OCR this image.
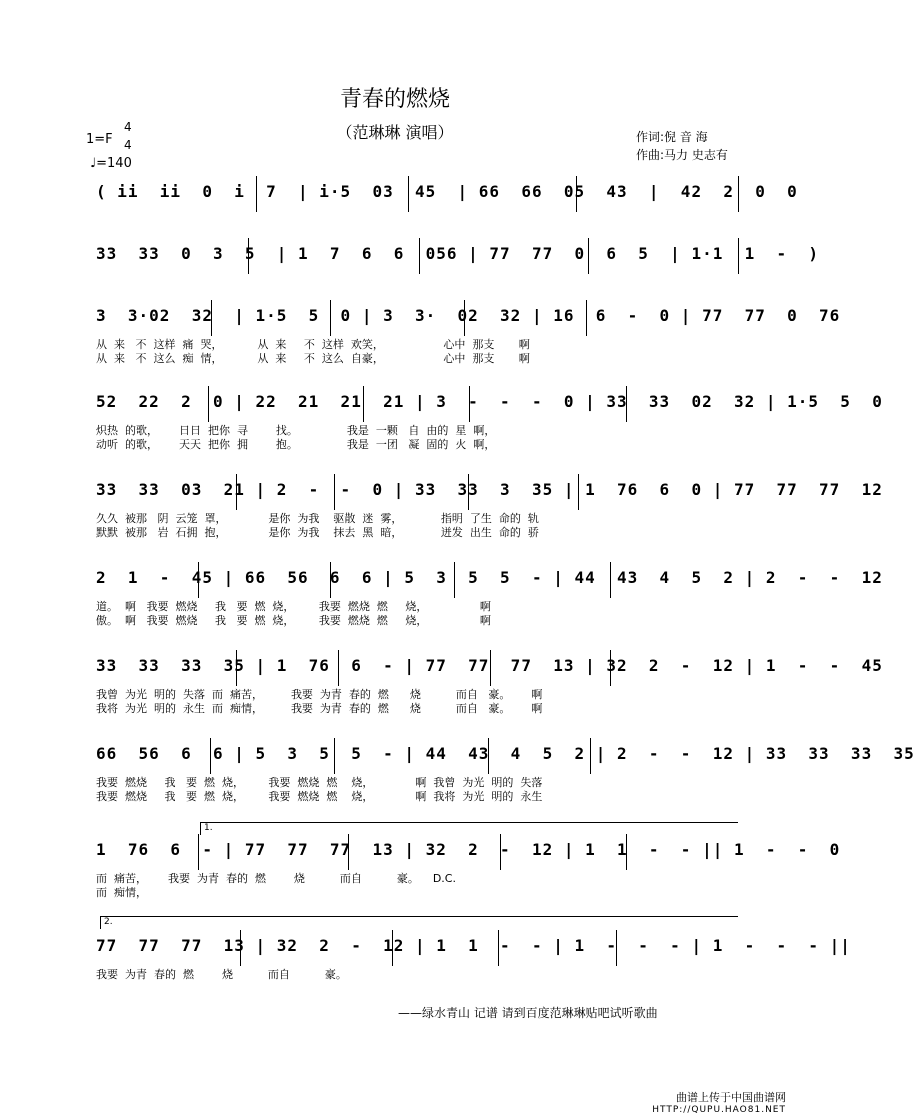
青春的燃烧
（范琳琳 演唱）
1=F
4
4
♩=140
作词:倪 音 海
作曲:马力 史志有
( ii  ii  0  i  7  | i·5  03  45  | 66  66  05  43  |  42  2  0  0
33  33  0  3  5  | 1  7  6  6  056 | 77  77  0  6  5  | 1·1  1  -  )
3  3·02  32  | 1·5  5  0 | 3  3·  02  32 | 16  6  -  0 | 77  77  0  76
从  来   不  这样  痛  哭，          从  来     不  这样  欢笑，                 心中  那支       啊
从  来   不  这么  痴  情，          从  来     不  这么  自豪，                 心中  那支       啊
52  22  2  0 | 22  21  21  21 | 3  -  -  -  0 | 33  33  02  32 | 1·5  5  0
炽热  的歌，      日日  把你  寻        找。              我是  一颗   自  由的  星  啊，
动听  的歌，      天天  把你  拥        抱。              我是  一团   凝  固的  火  啊，
33  33  03  21 | 2  -  -  0 | 33  33  3  35 | 1  76  6  0 | 77  77  77  12
久久  被那   阴  云笼  罩，            是你  为我    驱散  迷  雾，           指明  了生  命的  轨
默默  被那   岩  石拥  抱，            是你  为我    抹去  黑  暗，           迸发  出生  命的  骄
2  1  -  45 | 66  56  6  6 | 5  3  5  5  - | 44  43  4  5  2 | 2  -  -  12
道。  啊   我要  燃烧     我   要  燃  烧，       我要  燃烧  燃     烧，               啊
傲。  啊   我要  燃烧     我   要  燃  烧，       我要  燃烧  燃     烧，               啊
33  33  33  35 | 1  76  6  - | 77  77  77  13 | 32  2  -  12 | 1  -  -  45
我曾  为光  明的  失落  而  痛苦，        我要  为青  春的  燃      烧          而自   豪。      啊
我将  为光  明的  永生  而  痴情，        我要  为青  春的  燃      烧          而自   豪。      啊
66  56  6  6 | 5  3  5  5  - | 44  43  4  5  2 | 2  -  -  12 | 33  33  33  35
我要  燃烧     我   要  燃  烧，       我要  燃烧  燃    烧，            啊  我曾  为光  明的  失落
我要  燃烧     我   要  燃  烧，       我要  燃烧  燃    烧，            啊  我将  为光  明的  永生
1.
1  76  6  - | 77  77  77  13 | 32  2  -  12 | 1  1  -  - || 1  -  -  0
而  痛苦，      我要  为青  春的  燃        烧          而自          豪。    D.C.
而  痴情，
2.
77  77  77  13 | 32  2  -  12 | 1  1  -  - | 1  -  -  - | 1  -  -  - ||
我要  为青  春的  燃        烧          而自          豪。
——绿水青山 记谱 请到百度范琳琳贴吧试听歌曲
曲谱上传于中国曲谱网
HTTP://QUPU.HAO81.NET
